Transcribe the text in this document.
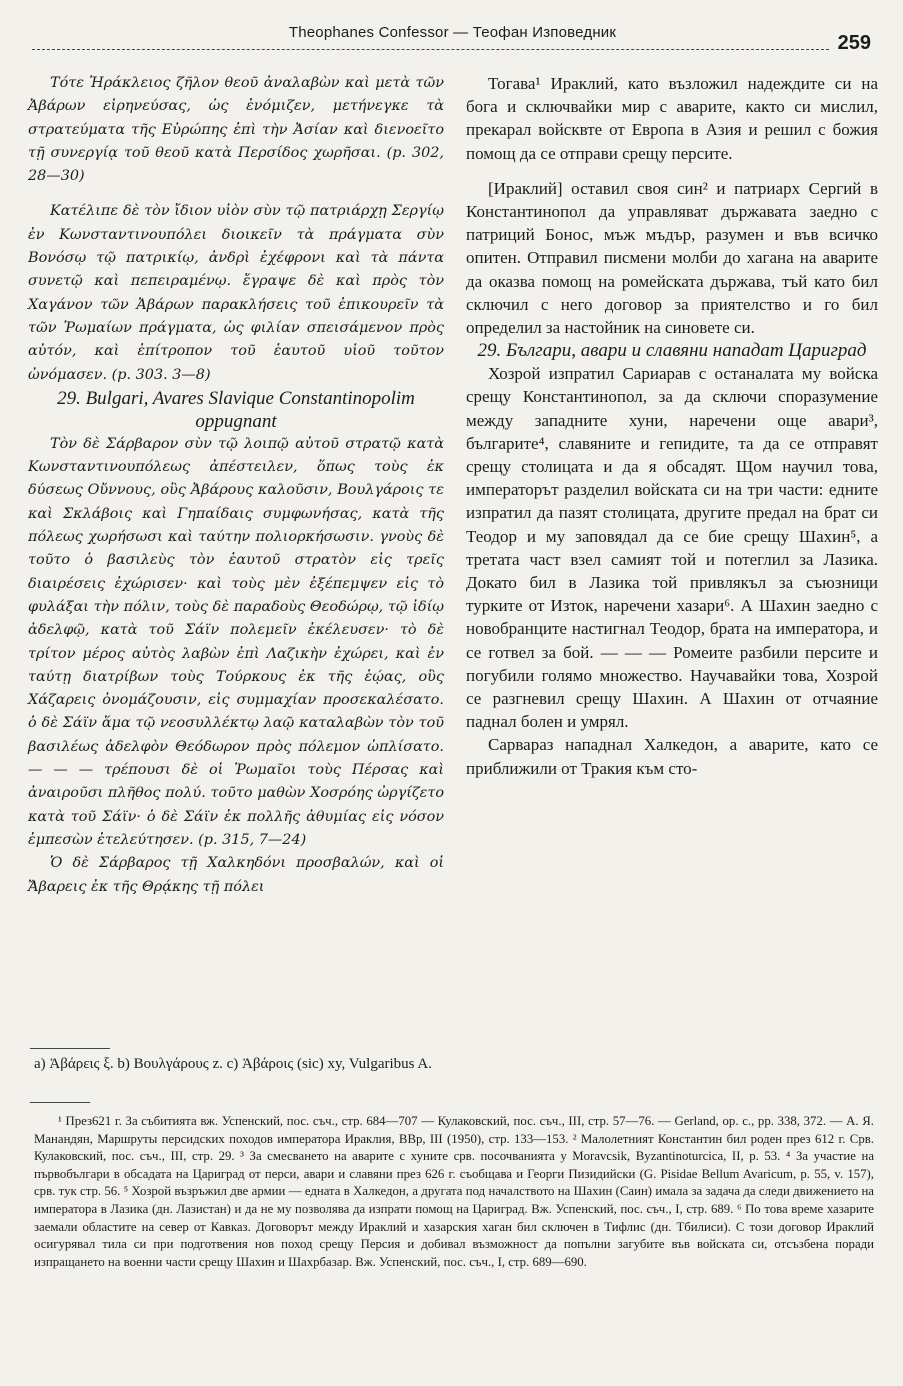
Theophanes Confessor — Теофан Изповедник	259

Τότε Ἡράκλειος ζῆλον θεοῦ ἀναλαβὼν καὶ μετὰ τῶν Ἀβάρων εἰρηνεύσας, ὡς ἐνόμιζεν, μετήνεγκε τὰ στρατεύματα τῆς Εὐρώπης ἐπὶ τὴν Ἀσίαν καὶ διενοεῖτο τῇ συνεργίᾳ τοῦ θεοῦ κατὰ Περσίδος χωρῆσαι. (p. 302, 28—30)

Κατέλιπε δὲ τὸν ἴδιον υἱὸν σὺν τῷ πατριάρχῃ Σεργίῳ ἐν Κωνσταντινουπόλει διοικεῖν τὰ πράγματα σὺν Βονόσῳ τῷ πατρικίῳ, ἀνδρὶ ἐχέφρονι καὶ τὰ πάντα συνετῷ καὶ πεπειραμένῳ. ἔγραψε δὲ καὶ πρὸς τὸν Χαγάνον τῶν Ἀβάρων παρακλήσεις τοῦ ἐπικουρεῖν τὰ τῶν Ῥωμαίων πράγματα, ὡς φιλίαν σπεισάμενον πρὸς αὐτόν, καὶ ἐπίτροπον τοῦ ἑαυτοῦ υἱοῦ τοῦτον ὠνόμασεν. (p. 303. 3—8)

29. Bulgari, Avares Slavique Constantinopolim oppugnant

Τὸν δὲ Σάρβαρον σὺν τῷ λοιπῷ αὐτοῦ στρατῷ κατὰ Κωνσταντινουπόλεως ἀπέστειλεν, ὅπως τοὺς ἐκ δύσεως Οὔννους, οὓς Ἀβάρους καλοῦσιν, Βουλγάροις τε καὶ Σκλάβοις καὶ Γηπαίδαις συμφωνήσας, κατὰ τῆς πόλεως χωρήσωσι καὶ ταύτην πολιορκήσωσιν. γνοὺς δὲ τοῦτο ὁ βασιλεὺς τὸν ἑαυτοῦ στρατὸν εἰς τρεῖς διαιρέσεις ἐχώρισεν· καὶ τοὺς μὲν ἐξέπεμψεν εἰς τὸ φυλάξαι τὴν πόλιν, τοὺς δὲ παραδοὺς Θεοδώρῳ, τῷ ἰδίῳ ἀδελφῷ, κατὰ τοῦ Σάϊν πολεμεῖν ἐκέλευσεν· τὸ δὲ τρίτον μέρος αὐτὸς λαβὼν ἐπὶ Λαζικὴν ἐχώρει, καὶ ἐν ταύτῃ διατρίβων τοὺς Τούρκους ἐκ τῆς ἑῴας, οὓς Χάζαρεις ὀνομάζουσιν, εἰς συμμαχίαν προσεκαλέσατο. ὁ δὲ Σάϊν ἅμα τῷ νεοσυλλέκτῳ λαῷ καταλαβὼν τὸν τοῦ βασιλέως ἀδελφὸν Θεόδωρον πρὸς πόλεμον ὡπλίσατο. — — — τρέπουσι δὲ οἱ Ῥωμαῖοι τοὺς Πέρσας καὶ ἀναιροῦσι πλῆθος πολύ. τοῦτο μαθὼν Χοσρόης ὠργίζετο κατὰ τοῦ Σάϊν· ὁ δὲ Σάϊν ἐκ πολλῆς ἀθυμίας εἰς νόσον ἐμπεσὼν ἐτελεύτησεν. (p. 315, 7—24)

Ὁ δὲ Σάρβαρος τῇ Χαλκηδόνι προσβαλών, καὶ οἱ Ἄβαρεις ἐκ τῆς Θρᾴκης τῇ πόλει

Тогава¹ Ираклий, като възложил надеждите си на бога и сключвайки мир с аварите, както си мислил, прекарал войсквте от Европа в Азия и решил с божия помощ да се отправи срещу персите.

[Ираклий] оставил своя син² и патриарх Сергий в Константинопол да управляват държавата заедно с патриций Бонос, мъж мъдър, разумен и във всичко опитен. Отправил писмени молби до хагана на аварите да оказва помощ на ромейската държава, тъй като бил сключил с него договор за приятелство и го бил определил за настойник на синовете си.

29. Българи, авари и славяни нападат Цариград

Хозрой изпратил Сариарав с останалата му войска срещу Константинопол, за да сключи споразумение между западните хуни, наречени още авари³, българите⁴, славяните и гепидите, та да се отправят срещу столицата и да я обсадят. Щом научил това, императорът разделил войската си на три части: едните изпратил да пазят столицата, другите предал на брат си Теодор и му заповядал да се бие срещу Шахин⁵, а третата част взел самият той и потеглил за Лазика. Докато бил в Лазика той привлякъл за съюзници турките от Изток, наречени хазари⁶. А Шахин заедно с новобранците настигнал Теодор, брата на императора, и се готвел за бой. — — — Ромеите разбили персите и погубили голямо множество. Научавайки това, Хозрой се разгневил срещу Шахин. А Шахин от отчаяние паднал болен и умрял.

Сарвараз нападнал Халкедон, а аварите, като се приближили от Тракия към сто-

a) Ἀβάρεις ξ. b) Βουλγάρους z. c) Ἀβάροις (sic) xy, Vulgaribus A.

¹ През621 г. За събитията вж. Успенский, пос. съч., стр. 684—707 — Кулаковский, пос. съч., III, стр. 57—76. — Gerland, op. c., pp. 338, 372. — А. Я. Манандян, Маршруты персидских походов императора Ираклия, ВВр, III (1950), стр. 133—153. ² Малолетният Константин бил роден през 612 г. Срв. Кулаковский, пос. съч., III, стр. 29. ³ За смесването на аварите с хуните срв. посочванията у Moravcsik, Byzantinoturcica, II, p. 53. ⁴ За участие на първобългари в обсадата на Цариград от перси, авари и славяни през 626 г. съобщава и Георги Пизидийски (G. Pisidae Bellum Avaricum, p. 55, v. 157), срв. тук стр. 56. ⁵ Хозрой възръжил две армии — едната в Халкедон, а другата под началството на Шахин (Саин) имала за задача да следи движението на императора в Лазика (дн. Лазистан) и да не му позволява да изпрати помощ на Цариград. Вж. Успенский, пос. съч., I, стр. 689. ⁶ По това време хазарите заемали областите на север от Кавказ. Договорът между Ираклий и хазарския хаган бил сключен в Тифлис (дн. Тбилиси). С този договор Ираклий осигурявал тила си при подготвения нов поход срещу Персия и добивал възможност да попълни загубите във войската си, отсъзбена поради изпращането на военни части срещу Шахин и Шахрбазар. Вж. Успенский, пос. съч., I, стр. 689—690.
